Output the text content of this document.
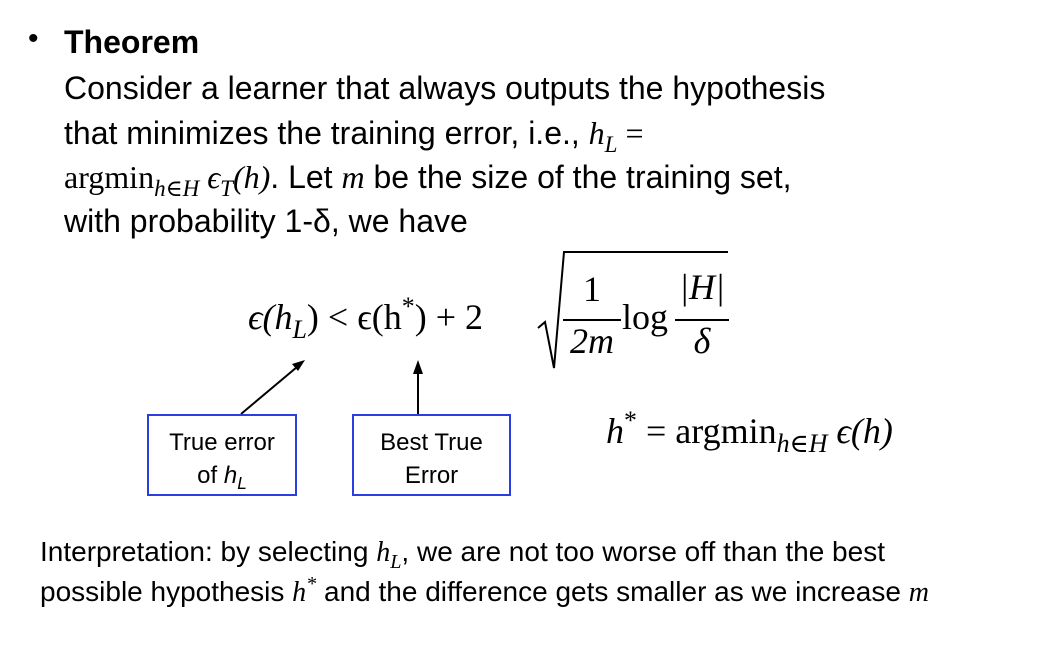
• Theorem
Consider a learner that always outputs the hypothesis
that minimizes the training error, i.e., $h_L$ =
argmin$_{h\in H}$ $\epsilon_T(h)$. Let m be the size of the training set,
with probability 1-δ, we have
$\epsilon(h_L) < \epsilon(h^*) + 2$
1
2m
log
|H|
δ
True error
of $h_L$
Best True
Error
h* = argmin$_{h\in H}$ ϵ(h)
Interpretation: by selecting $h_L$, we are not too worse off than the best
possible hypothesis h* and the difference gets smaller as we increase m
